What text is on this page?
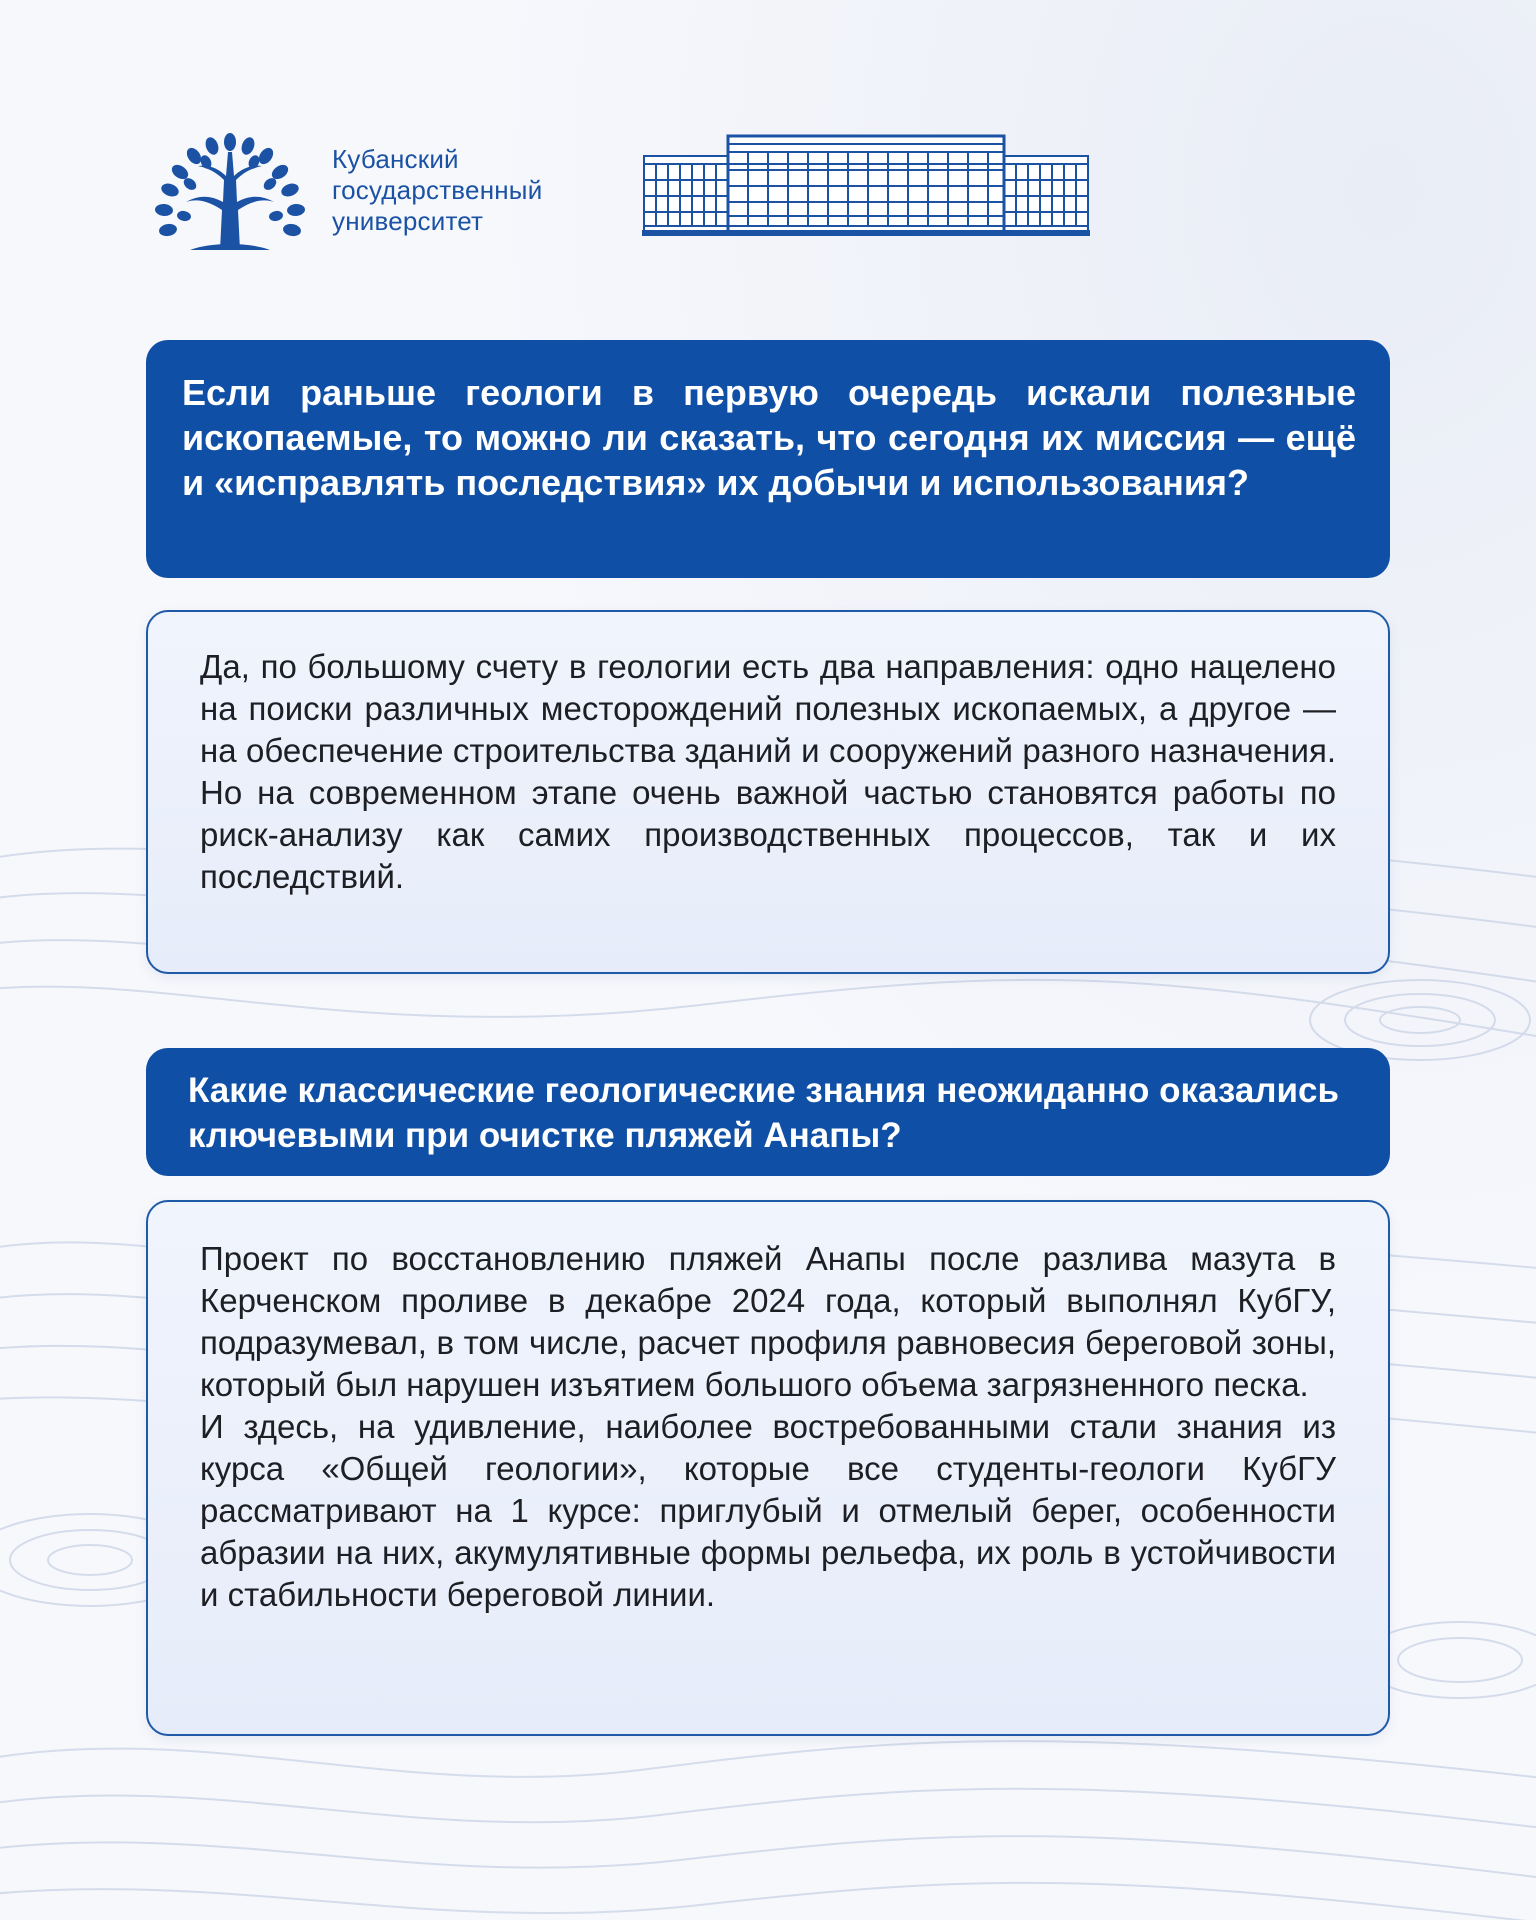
Кубанский
государственный
университет

Если раньше геологи в первую очередь искали полезные ископаемые, то можно ли сказать, что сегодня их миссия — ещё и «исправлять последствия» их добычи и использования?

Да, по большому счету в геологии есть два направления: одно нацелено на поиски различных месторождений полезных ископаемых, а другое — на обеспечение строительства зданий и сооружений разного назначения. Но на современном этапе очень важной частью становятся работы по риск-анализу как самих производственных процессов, так и их последствий.

Какие классические геологические знания неожиданно оказались ключевыми при очистке пляжей Анапы?

Проект по восстановлению пляжей Анапы после разлива мазута в Керченском проливе в декабре 2024 года, который выполнял КубГУ, подразумевал, в том числе, расчет профиля равновесия береговой зоны, который был нарушен изъятием большого объема загрязненного песка.

И здесь, на удивление, наиболее востребованными стали знания из курса «Общей геологии», которые все студенты-геологи КубГУ рассматривают на 1 курсе: приглубый и отмелый берег, особенности абразии на них, акумулятивные формы рельефа, их роль в устойчивости и стабильности береговой линии.
